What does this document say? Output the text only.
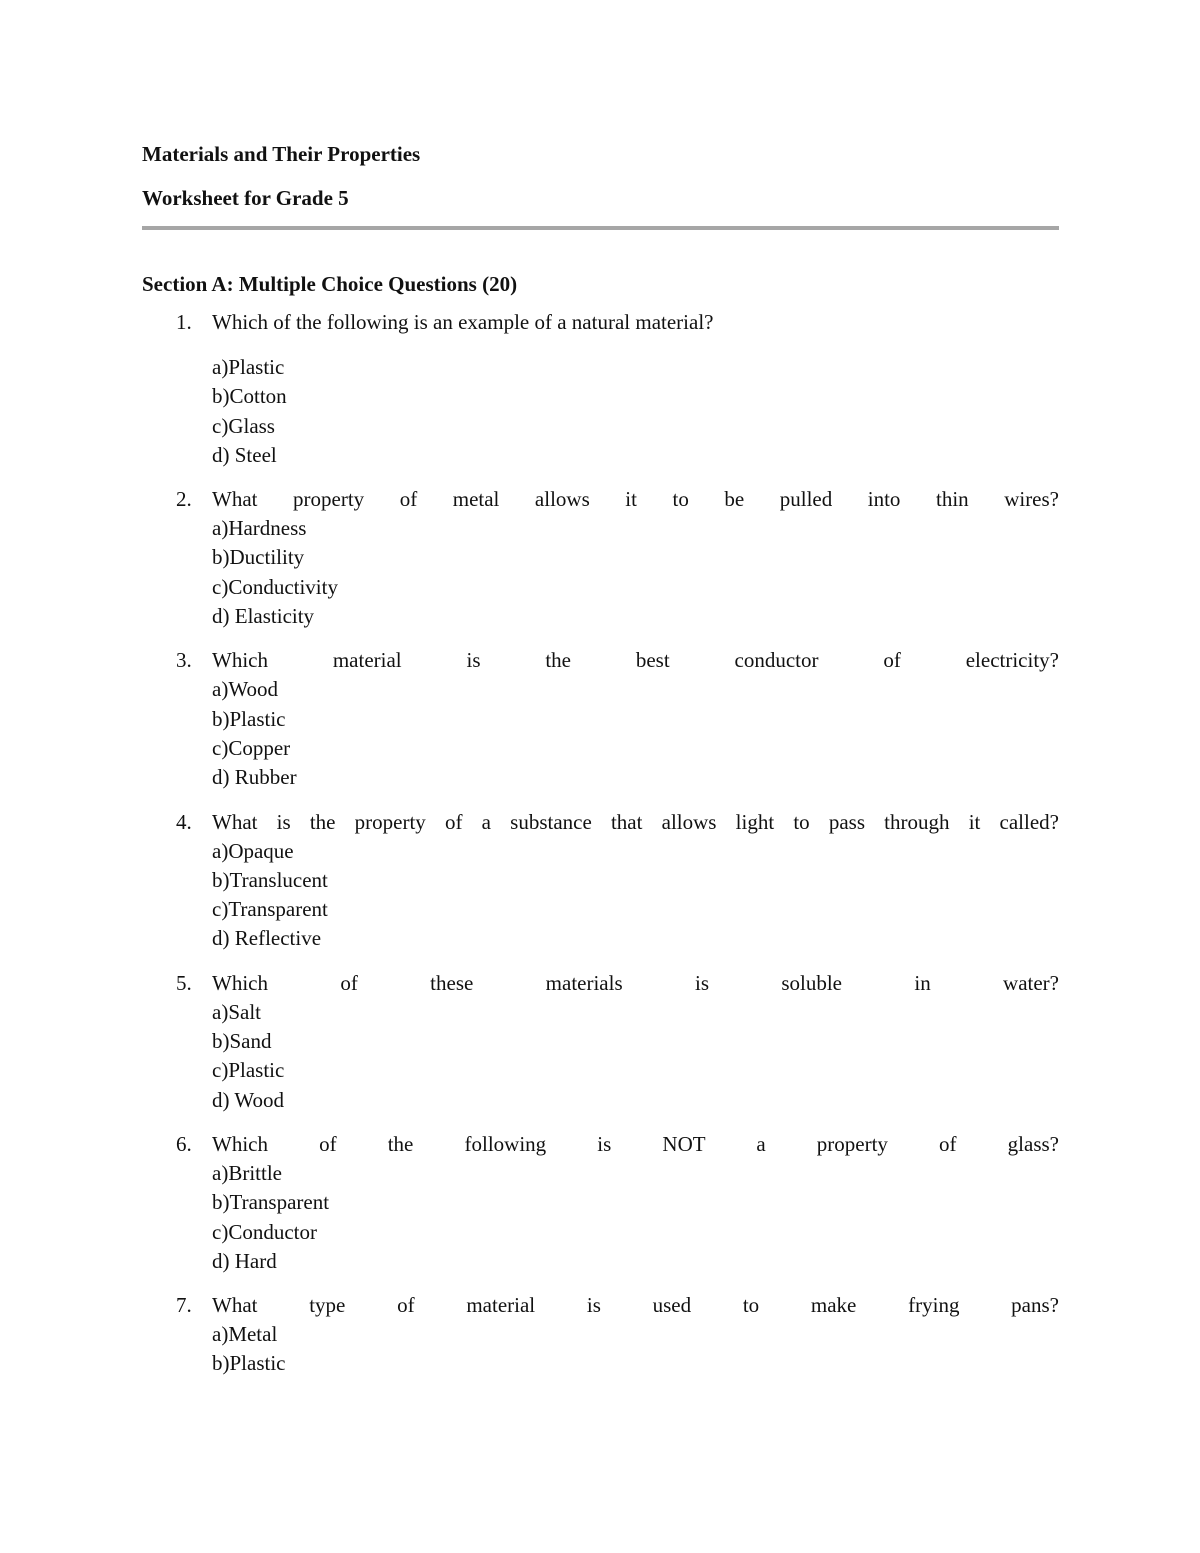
Materials and Their Properties
Worksheet for Grade 5
Section A: Multiple Choice Questions (20)
1. Which of the following is an example of a natural material?
a)Plastic
b)Cotton
c)Glass
d) Steel
2. What property of metal allows it to be pulled into thin wires?
a)Hardness
b)Ductility
c)Conductivity
d) Elasticity
3. Which material is the best conductor of electricity?
a)Wood
b)Plastic
c)Copper
d) Rubber
4. What is the property of a substance that allows light to pass through it called?
a)Opaque
b)Translucent
c)Transparent
d) Reflective
5. Which of these materials is soluble in water?
a)Salt
b)Sand
c)Plastic
d) Wood
6. Which of the following is NOT a property of glass?
a)Brittle
b)Transparent
c)Conductor
d) Hard
7. What type of material is used to make frying pans?
a)Metal
b)Plastic
